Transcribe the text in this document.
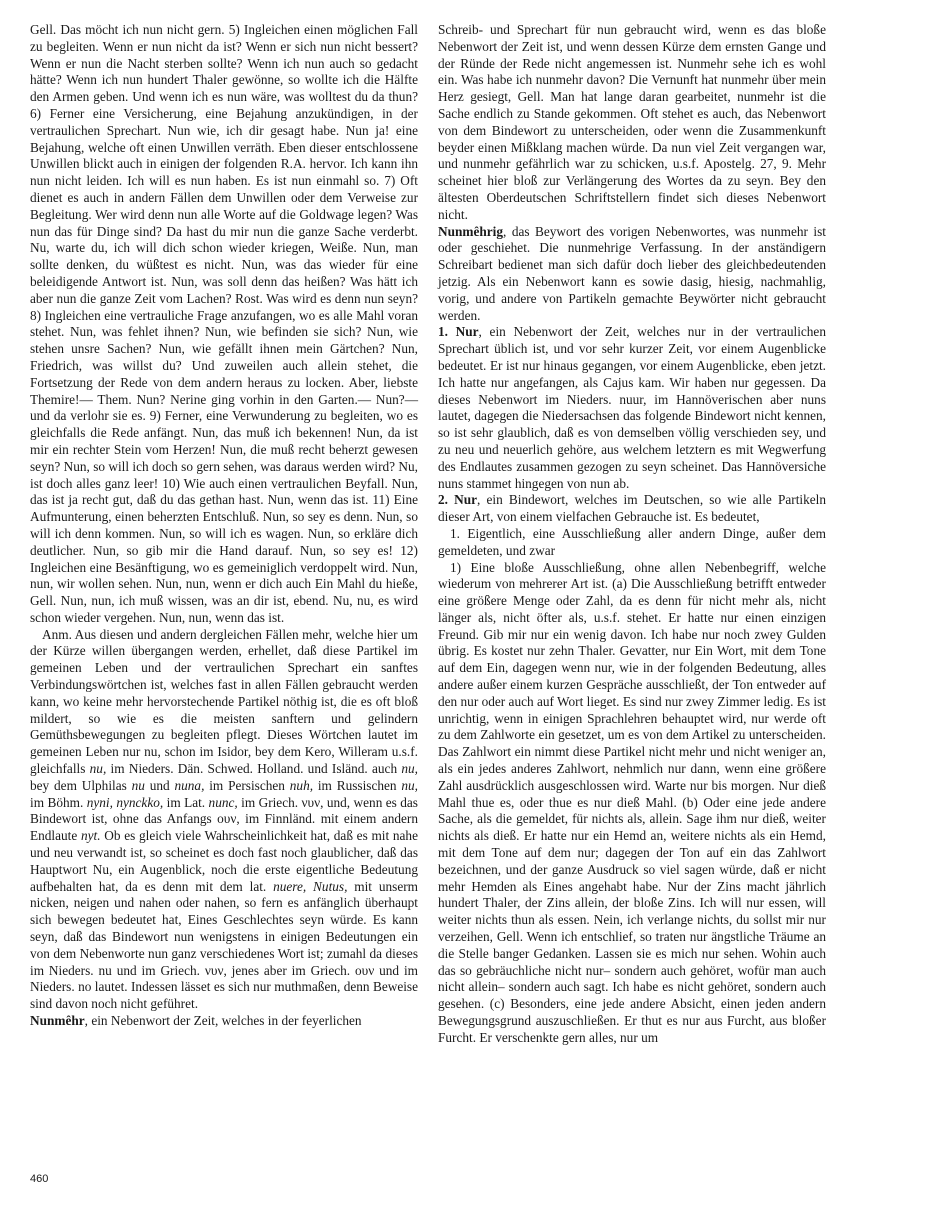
Gell. Das möcht ich nun nicht gern. 5) Ingleichen einen möglichen Fall zu begleiten. Wenn er nun nicht da ist? Wenn er sich nun nicht bessert? Wenn er nun die Nacht sterben sollte? Wenn ich nun auch so gedacht hätte? Wenn ich nun hundert Thaler gewönne, so wollte ich die Hälfte den Armen geben. Und wenn ich es nun wäre, was wolltest du da thun? 6) Ferner eine Versicherung, eine Bejahung anzukündigen, in der vertraulichen Sprechart. Nun wie, ich dir gesagt habe. Nun ja! eine Bejahung, welche oft einen Unwillen verräth. Eben dieser entschlossene Unwillen blickt auch in einigen der folgenden R.A. hervor. Ich kann ihn nun nicht leiden. Ich will es nun haben. Es ist nun einmahl so. 7) Oft dienet es auch in andern Fällen dem Unwillen oder dem Verweise zur Begleitung. Wer wird denn nun alle Worte auf die Goldwage legen? Was nun das für Dinge sind? Da hast du mir nun die ganze Sache verderbt. Nu, warte du, ich will dich schon wieder kriegen, Weiße. Nun, man sollte denken, du wüßtest es nicht. Nun, was das wieder für eine beleidigende Antwort ist. Nun, was soll denn das heißen? Was hätt ich aber nun die ganze Zeit vom Lachen? Rost. Was wird es denn nun seyn? 8) Ingleichen eine vertrauliche Frage anzufangen, wo es alle Mahl voran stehet. Nun, was fehlet ihnen? Nun, wie befinden sie sich? Nun, wie stehen unsre Sachen? Nun, wie gefällt ihnen mein Gärtchen? Nun, Friedrich, was willst du? Und zuweilen auch allein stehet, die Fortsetzung der Rede von dem andern heraus zu locken. Aber, liebste Themire!— Them. Nun? Nerine ging vorhin in den Garten.— Nun?— und da verlohr sie es. 9) Ferner, eine Verwunderung zu begleiten, wo es gleichfalls die Rede anfängt. Nun, das muß ich bekennen! Nun, da ist mir ein rechter Stein vom Herzen! Nun, die muß recht beherzt gewesen seyn? Nun, so will ich doch so gern sehen, was daraus werden wird? Nu, ist doch alles ganz leer! 10) Wie auch einen vertraulichen Beyfall. Nun, das ist ja recht gut, daß du das gethan hast. Nun, wenn das ist. 11) Eine Aufmunterung, einen beherzten Entschluß. Nun, so sey es denn. Nun, so will ich denn kommen. Nun, so will ich es wagen. Nun, so erkläre dich deutlicher. Nun, so gib mir die Hand darauf. Nun, so sey es! 12) Ingleichen eine Besänftigung, wo es gemeiniglich verdoppelt wird. Nun, nun, wir wollen sehen. Nun, nun, wenn er dich auch Ein Mahl du hieße, Gell. Nun, nun, ich muß wissen, was an dir ist, ebend. Nu, nu, es wird schon wieder vergehen. Nun, nun, wenn das ist.

Anm. Aus diesen und andern dergleichen Fällen mehr, welche hier um der Kürze willen übergangen werden, erhellet, daß diese Partikel im gemeinen Leben und der vertraulichen Sprechart ein sanftes Verbindungswörtchen ist, welches fast in allen Fällen gebraucht werden kann, wo keine mehr hervorstechende Partikel nöthig ist, die es oft bloß mildert, so wie es die meisten sanftern und gelindern Gemüthsbewegungen zu begleiten pflegt. Dieses Wörtchen lautet im gemeinen Leben nur nu, schon im Isidor, bey dem Kero, Willeram u.s.f. gleichfalls nu, im Nieders. Dän. Schwed. Holland. und Isländ. auch nu, bey dem Ulphilas nu und nuna, im Persischen nuh, im Russischen nu, im Böhm. nyni, nynckko, im Lat. nunc, im Griech. νυν, und, wenn es das Bindewort ist, ohne das Anfangs ουν, im Finnländ. mit einem andern Endlaute nyt. Ob es gleich viele Wahrscheinlichkeit hat, daß es mit nahe und neu verwandt ist, so scheinet es doch fast noch glaublicher, daß das Hauptwort Nu, ein Augenblick, noch die erste eigentliche Bedeutung aufbehalten hat, da es denn mit dem lat. nuere, Nutus, mit unserm nicken, neigen und nahen oder nahen, so fern es anfänglich überhaupt sich bewegen bedeutet hat, Eines Geschlechtes seyn würde. Es kann seyn, daß das Bindewort nun wenigstens in einigen Bedeutungen ein von dem Nebenworte nun ganz verschiedenes Wort ist; zumahl da dieses im Nieders. nu und im Griech. νυν, jenes aber im Griech. ουν und im Nieders. no lautet. Indessen lässet es sich nur muthmaßen, denn Beweise sind davon noch nicht geführet.

Nunmêhr, ein Nebenwort der Zeit, welches in der feyerlichen

Schreib- und Sprechart für nun gebraucht wird, wenn es das bloße Nebenwort der Zeit ist, und wenn dessen Kürze dem ernsten Gange und der Ründe der Rede nicht angemessen ist. Nunmehr sehe ich es wohl ein. Was habe ich nunmehr davon? Die Vernunft hat nunmehr über mein Herz gesiegt, Gell. Man hat lange daran gearbeitet, nunmehr ist die Sache endlich zu Stande gekommen. Oft stehet es auch, das Nebenwort von dem Bindewort zu unterscheiden, oder wenn die Zusammenkunft beyder einen Mißklang machen würde. Da nun viel Zeit vergangen war, und nunmehr gefährlich war zu schicken, u.s.f. Apostelg. 27, 9. Mehr scheinet hier bloß zur Verlängerung des Wortes da zu seyn. Bey den ältesten Oberdeutschen Schriftstellern findet sich dieses Nebenwort nicht.

Nunmêhrig, das Beywort des vorigen Nebenwortes, was nunmehr ist oder geschiehet. Die nunmehrige Verfassung. In der anständigern Schreibart bedienet man sich dafür doch lieber des gleichbedeutenden jetzig. Als ein Nebenwort kann es sowie dasig, hiesig, nachmahlig, vorig, und andere von Partikeln gemachte Beywörter nicht gebraucht werden.

1. Nur, ein Nebenwort der Zeit, welches nur in der vertraulichen Sprechart üblich ist, und vor sehr kurzer Zeit, vor einem Augenblicke bedeutet. Er ist nur hinaus gegangen, vor einem Augenblicke, eben jetzt. Ich hatte nur angefangen, als Cajus kam. Wir haben nur gegessen. Da dieses Nebenwort im Nieders. nuur, im Hannöverischen aber nuns lautet, dagegen die Niedersachsen das folgende Bindewort nicht kennen, so ist sehr glaublich, daß es von demselben völlig verschieden sey, und zu neu und neuerlich gehöre, aus welchem letztern es mit Wegwerfung des Endlautes zusammen gezogen zu seyn scheinet. Das Hannöversiche nuns stammet hingegen von nun ab.

2. Nur, ein Bindewort, welches im Deutschen, so wie alle Partikeln dieser Art, von einem vielfachen Gebrauche ist. Es bedeutet,

1. Eigentlich, eine Ausschließung aller andern Dinge, außer dem gemeldeten, und zwar

1) Eine bloße Ausschließung, ohne allen Nebenbegriff, welche wiederum von mehrerer Art ist. (a) Die Ausschließung betrifft entweder eine größere Menge oder Zahl, da es denn für nicht mehr als, nicht länger als, nicht öfter als, u.s.f. stehet. Er hatte nur einen einzigen Freund. Gib mir nur ein wenig davon. Ich habe nur noch zwey Gulden übrig. Es kostet nur zehn Thaler. Gevatter, nur Ein Wort, mit dem Tone auf dem Ein, dagegen wenn nur, wie in der folgenden Bedeutung, alles andere außer einem kurzen Gespräche ausschließt, der Ton entweder auf den nur oder auch auf Wort lieget. Es sind nur zwey Zimmer ledig. Es ist unrichtig, wenn in einigen Sprachlehren behauptet wird, nur werde oft zu dem Zahlworte ein gesetzet, um es von dem Artikel zu unterscheiden. Das Zahlwort ein nimmt diese Partikel nicht mehr und nicht weniger an, als ein jedes anderes Zahlwort, nehmlich nur dann, wenn eine größere Zahl ausdrücklich ausgeschlossen wird. Warte nur bis morgen. Nur dieß Mahl thue es, oder thue es nur dieß Mahl. (b) Oder eine jede andere Sache, als die gemeldet, für nichts als, allein. Sage ihm nur dieß, weiter nichts als dieß. Er hatte nur ein Hemd an, weitere nichts als ein Hemd, mit dem Tone auf dem nur; dagegen der Ton auf ein das Zahlwort bezeichnen, und der ganze Ausdruck so viel sagen würde, daß er nicht mehr Hemden als Eines angehabt habe. Nur der Zins macht jährlich hundert Thaler, der Zins allein, der bloße Zins. Ich will nur essen, will weiter nichts thun als essen. Nein, ich verlange nichts, du sollst mir nur verzeihen, Gell. Wenn ich entschlief, so traten nur ängstliche Träume an die Stelle banger Gedanken. Lassen sie es mich nur sehen. Wohin auch das so gebräuchliche nicht nur– sondern auch gehöret, wofür man auch nicht allein– sondern auch sagt. Ich habe es nicht gehöret, sondern auch gesehen. (c) Besonders, eine jede andere Absicht, einen jeden andern Bewegungsgrund auszuschließen. Er thut es nur aus Furcht, aus bloßer Furcht. Er verschenkte gern alles, nur um

460
